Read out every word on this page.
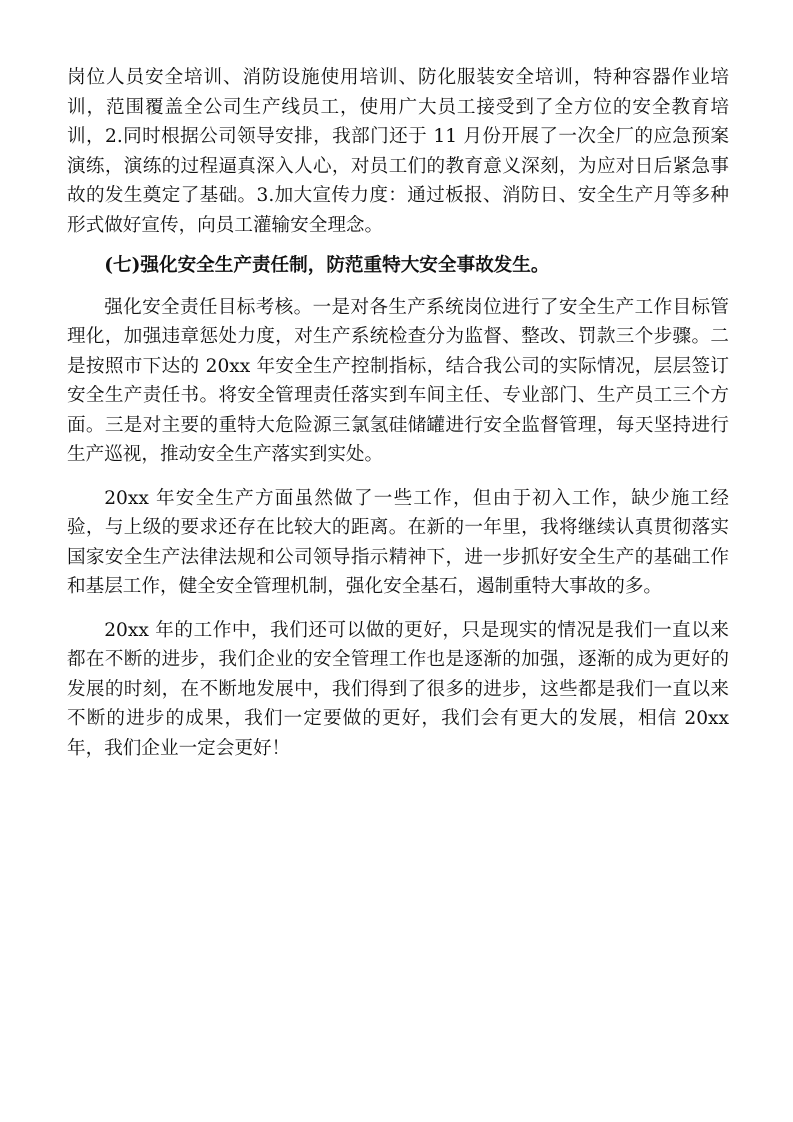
岗位人员安全培训、消防设施使用培训、防化服装安全培训，特种容器作业培训，范围覆盖全公司生产线员工，使用广大员工接受到了全方位的安全教育培训，2.同时根据公司领导安排，我部门还于 11 月份开展了一次全厂的应急预案演练，演练的过程逼真深入人心，对员工们的教育意义深刻，为应对日后紧急事故的发生奠定了基础。3.加大宣传力度：通过板报、消防日、安全生产月等多种形式做好宣传，向员工灌输安全理念。

(七)强化安全生产责任制，防范重特大安全事故发生。

强化安全责任目标考核。一是对各生产系统岗位进行了安全生产工作目标管理化，加强违章惩处力度，对生产系统检查分为监督、整改、罚款三个步骤。二是按照市下达的 20xx 年安全生产控制指标，结合我公司的实际情况，层层签订安全生产责任书。将安全管理责任落实到车间主任、专业部门、生产员工三个方面。三是对主要的重特大危险源三氯氢硅储罐进行安全监督管理，每天坚持进行生产巡视，推动安全生产落实到实处。

20xx 年安全生产方面虽然做了一些工作，但由于初入工作，缺少施工经验，与上级的要求还存在比较大的距离。在新的一年里，我将继续认真贯彻落实国家安全生产法律法规和公司领导指示精神下，进一步抓好安全生产的基础工作和基层工作，健全安全管理机制，强化安全基石，遏制重特大事故的多。

20xx 年的工作中，我们还可以做的更好，只是现实的情况是我们一直以来都在不断的进步，我们企业的安全管理工作也是逐渐的加强，逐渐的成为更好的发展的时刻，在不断地发展中，我们得到了很多的进步，这些都是我们一直以来不断的进步的成果，我们一定要做的更好，我们会有更大的发展，相信 20xx 年，我们企业一定会更好！
